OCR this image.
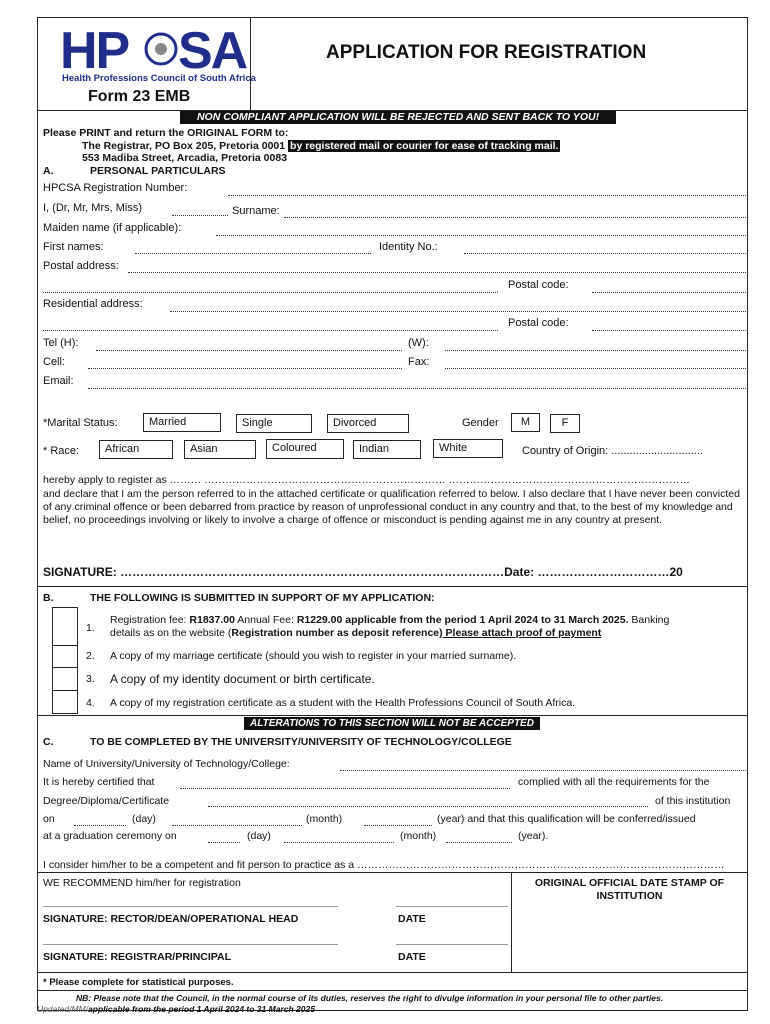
HP SA
Health Professions Council of South Africa
APPLICATION FOR REGISTRATION
Form 23 EMB
NON COMPLIANT APPLICATION WILL BE REJECTED AND SENT BACK TO YOU!
Please PRINT and return the ORIGINAL FORM to:
The Registrar, PO Box 205, Pretoria 0001 by registered mail or courier for ease of tracking mail.
553 Madiba Street, Arcadia, Pretoria 0083
A.	PERSONAL PARTICULARS
HPCSA Registration Number:
I, (Dr, Mr, Mrs, Miss)	Surname:
Maiden name (if applicable):
First names:	Identity No.:
Postal address:
Postal code:
Residential address:
Postal code:
Tel (H):	(W):
Cell:	Fax:
Email:
*Marital Status:	Married	Single	Divorced	Gender	M	F
* Race:	African	Asian	Coloured	Indian	White	Country of Origin: ..............................
hereby apply to register as ……… …………………………………………………………… ……………………………………………………………
and declare that I am the person referred to in the attached certificate or qualification referred to below. I also declare that I have never been convicted of any criminal offence or been debarred from practice by reason of unprofessional conduct in any country and that, to the best of my knowledge and belief, no proceedings involving or likely to involve a charge of offence or misconduct is pending against me in any country at present.
SIGNATURE: ……………………………………………………………………………………Date: ……………………………20
B.	THE FOLLOWING IS SUBMITTED IN SUPPORT OF MY APPLICATION:
1.
Registration fee: R1837.00 Annual Fee: R1229.00 applicable from the period 1 April 2024 to 31 March 2025. Banking
details as on the website (Registration number as deposit reference) Please attach proof of payment
2. A copy of my marriage certificate (should you wish to register in your married surname).
3. A copy of my identity document or birth certificate.
4. A copy of my registration certificate as a student with the Health Professions Council of South Africa.
ALTERATIONS TO THIS SECTION WILL NOT BE ACCEPTED
C.	TO BE COMPLETED BY THE UNIVERSITY/UNIVERSITY OF TECHNOLOGY/COLLEGE
Name of University/University of Technology/College:
It is hereby certified that	complied with all the requirements for the
Degree/Diploma/Certificate	of this institution
on	(day)	(month)	(year) and that this qualification will be conferred/issued
at a graduation ceremony on	(day)	(month)	(year).
I consider him/her to be a competent and fit person to practice as a ……………………………………………………………………………………………
WE RECOMMEND him/her for registration	ORIGINAL OFFICIAL DATE STAMP OF INSTITUTION
SIGNATURE: RECTOR/DEAN/OPERATIONAL HEAD	DATE
SIGNATURE: REGISTRAR/PRINCIPAL	DATE
* Please complete for statistical purposes.
NB: Please note that the Council, in the normal course of its duties, reserves the right to divulge information in your personal file to other parties.
Updated/MM/applicable from the period 1 April 2024 to 31 March 2025
